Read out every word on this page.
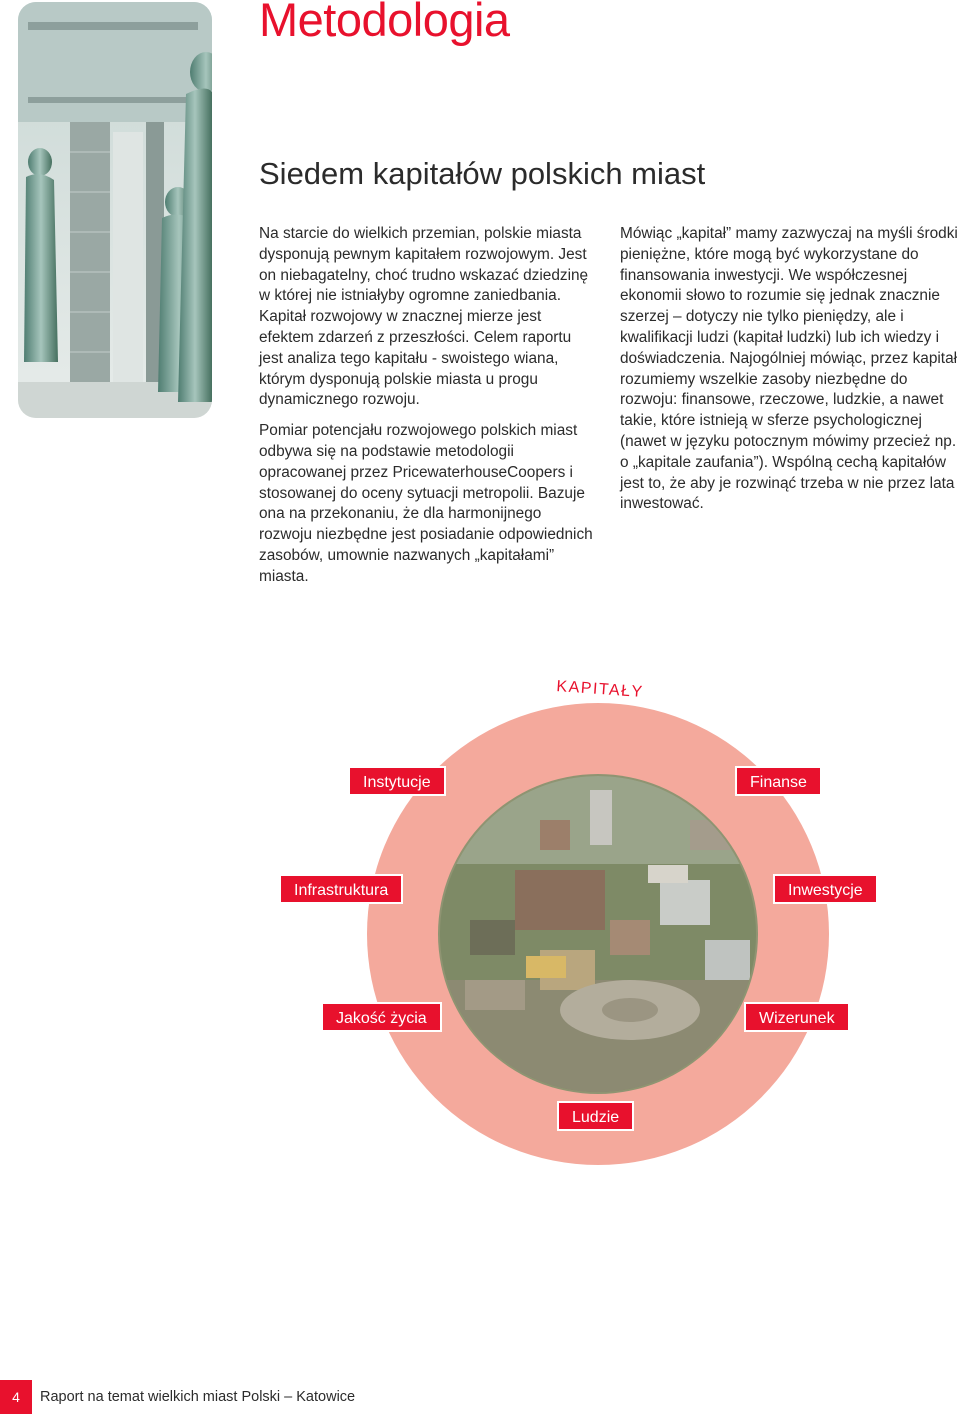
Metodologia
Siedem kapitałów polskich miast

Na starcie do wielkich przemian, polskie miasta dysponują pewnym kapitałem rozwojowym. Jest on niebagatelny, choć trudno wskazać dziedzinę w której nie istniałyby ogromne zaniedbania. Kapitał rozwojowy w znacznej mierze jest efektem zdarzeń z przeszłości. Celem raportu jest analiza tego kapitału - swoistego wiana, którym dysponują polskie miasta u progu dynamicznego rozwoju.

Pomiar potencjału rozwojowego polskich miast odbywa się na podstawie metodologii opracowanej przez PricewaterhouseCoopers i stosowanej do oceny sytuacji metropolii. Bazuje ona na przekonaniu, że dla harmonijnego rozwoju niezbędne jest posiadanie odpowiednich zasobów, umownie nazwanych „kapitałami” miasta.

Mówiąc „kapitał” mamy zazwyczaj na myśli środki pieniężne, które mogą być wykorzystane do finansowania inwestycji. We współczesnej ekonomii słowo to rozumie się jednak znacznie szerzej – dotyczy nie tylko pieniędzy, ale i kwalifikacji ludzi (kapitał ludzki) lub ich wiedzy i doświadczenia. Najogólniej mówiąc, przez kapitał rozumiemy wszelkie zasoby niezbędne do rozwoju: finansowe, rzeczowe, ludzkie, a nawet takie, które istnieją w sferze psychologicznej (nawet w języku potocznym mówimy przecież np. o „kapitale zaufania”). Wspólną cechą kapitałów jest to, że aby je rozwinąć trzeba w nie przez lata inwestować.

KAPITAŁY
Instytucje	Finanse
Infrastruktura	Inwestycje
Jakość życia	Wizerunek
Ludzie
4	Raport na temat wielkich miast Polski – Katowice
